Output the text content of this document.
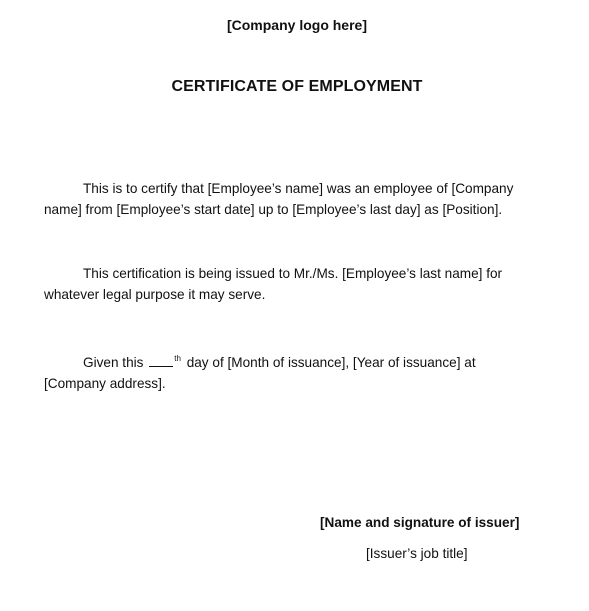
[Company logo here]
CERTIFICATE OF EMPLOYMENT

This is to certify that [Employee’s name] was an employee of [Company name] from [Employee’s start date] up to [Employee’s last day] as [Position].

This certification is being issued to Mr./Ms. [Employee’s last name] for whatever legal purpose it may serve.

Given this	$^{th}$ day of [Month of issuance], [Year of issuance] at [Company address].

[Name and signature of issuer]
[Issuer’s job title]
